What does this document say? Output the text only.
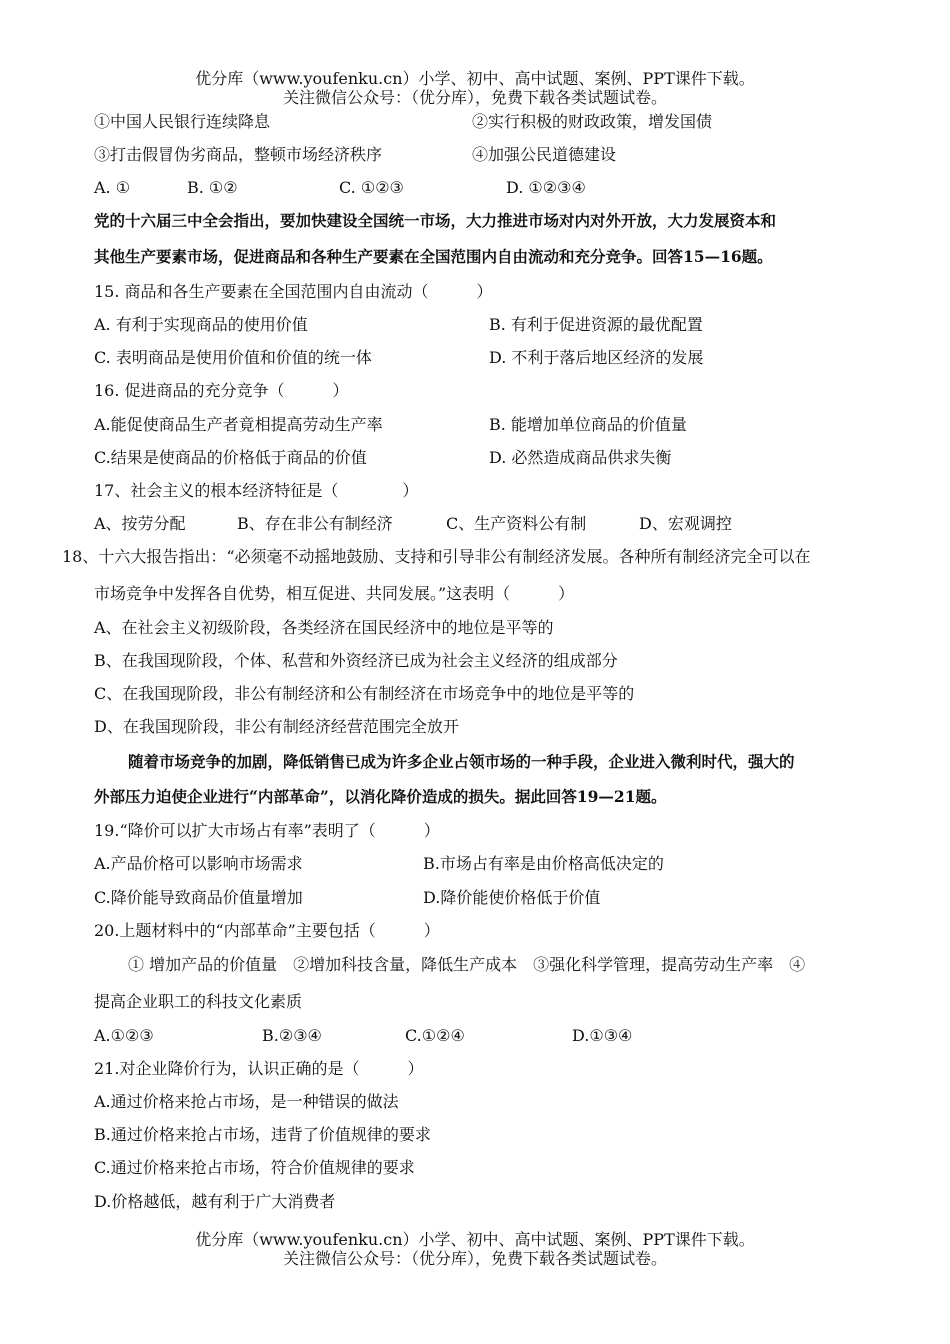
优分库（www.youfenku.cn）小学、初中、高中试题、案例、PPT课件下载。
关注微信公众号：（优分库），免费下载各类试题试卷。
①中国人民银行连续降息	②实行积极的财政政策，增发国债
③打击假冒伪劣商品，整顿市场经济秩序	④加强公民道德建设
A. ①	B. ①②	C. ①②③	D. ①②③④
党的十六届三中全会指出，要加快建设全国统一市场，大力推进市场对内对外开放，大力发展资本和
其他生产要素市场，促进商品和各种生产要素在全国范围内自由流动和充分竞争。回答15—16题。
15. 商品和各生产要素在全国范围内自由流动（　　　）
A. 有利于实现商品的使用价值	B. 有利于促进资源的最优配置
C. 表明商品是使用价值和价值的统一体	D. 不利于落后地区经济的发展
16. 促进商品的充分竞争（　　　）
A.能促使商品生产者竟相提高劳动生产率	B. 能增加单位商品的价值量
C.结果是使商品的价格低于商品的价值	D. 必然造成商品供求失衡
17、社会主义的根本经济特征是（　　　　）
A、按劳分配	B、存在非公有制经济	C、生产资料公有制	D、宏观调控
18、十六大报告指出：“必须毫不动摇地鼓励、支持和引导非公有制经济发展。各种所有制经济完全可以在
市场竞争中发挥各自优势，相互促进、共同发展。”这表明（　　　）
A、在社会主义初级阶段，各类经济在国民经济中的地位是平等的
B、在我国现阶段，个体、私营和外资经济已成为社会主义经济的组成部分
C、在我国现阶段，非公有制经济和公有制经济在市场竞争中的地位是平等的
D、在我国现阶段，非公有制经济经营范围完全放开
随着市场竞争的加剧，降低销售已成为许多企业占领市场的一种手段，企业进入微利时代，强大的
外部压力迫使企业进行“内部革命”，以消化降价造成的损失。据此回答19—21题。
19.“降价可以扩大市场占有率”表明了（　　　）
A.产品价格可以影响市场需求	B.市场占有率是由价格高低决定的
C.降价能导致商品价值量增加	D.降价能使价格低于价值
20.上题材料中的“内部革命”主要包括（　　　）
① 增加产品的价值量　②增加科技含量，降低生产成本　③强化科学管理，提高劳动生产率　④
提高企业职工的科技文化素质
A.①②③	B.②③④	C.①②④	D.①③④
21.对企业降价行为，认识正确的是（　　　）
A.通过价格来抢占市场，是一种错误的做法
B.通过价格来抢占市场，违背了价值规律的要求
C.通过价格来抢占市场，符合价值规律的要求
D.价格越低，越有利于广大消费者
优分库（www.youfenku.cn）小学、初中、高中试题、案例、PPT课件下载。
关注微信公众号：（优分库），免费下载各类试题试卷。
